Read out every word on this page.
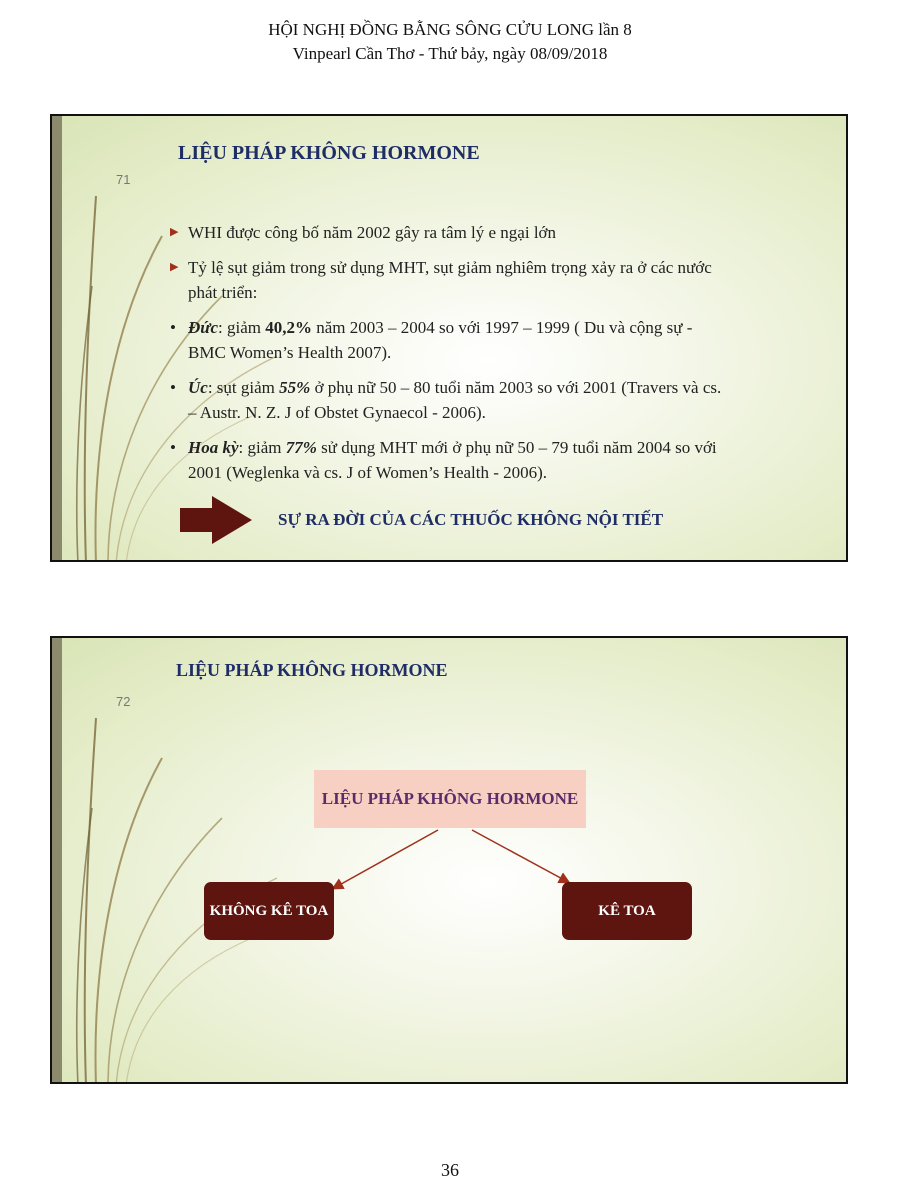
HỘI NGHỊ ĐỒNG BẰNG SÔNG CỬU LONG lần 8
Vinpearl Cần Thơ - Thứ bảy, ngày 08/09/2018
LIỆU PHÁP KHÔNG HORMONE
71
▶ WHI được công bố năm 2002 gây ra tâm lý e ngại lớn
▶ Tỷ lệ sụt giảm trong sử dụng MHT, sụt giảm nghiêm trọng xảy ra ở các nước phát triển:
• Đức: giảm 40,2% năm 2003 – 2004 so với 1997 – 1999 ( Du và cộng sự - BMC Women’s Health 2007).
• Úc: sụt giảm 55% ở phụ nữ 50 – 80 tuổi năm 2003 so với 2001 (Travers và cs. – Austr. N. Z. J of Obstet Gynaecol - 2006).
• Hoa kỳ: giảm 77% sử dụng MHT mới ở phụ nữ 50 – 79 tuổi năm 2004 so với 2001 (Weglenka và cs. J of Women’s Health - 2006).
SỰ RA ĐỜI CỦA CÁC THUỐC KHÔNG NỘI TIẾT
LIỆU PHÁP KHÔNG HORMONE
72
LIỆU PHÁP KHÔNG HORMONE
KHÔNG KÊ TOA	KÊ TOA
36
